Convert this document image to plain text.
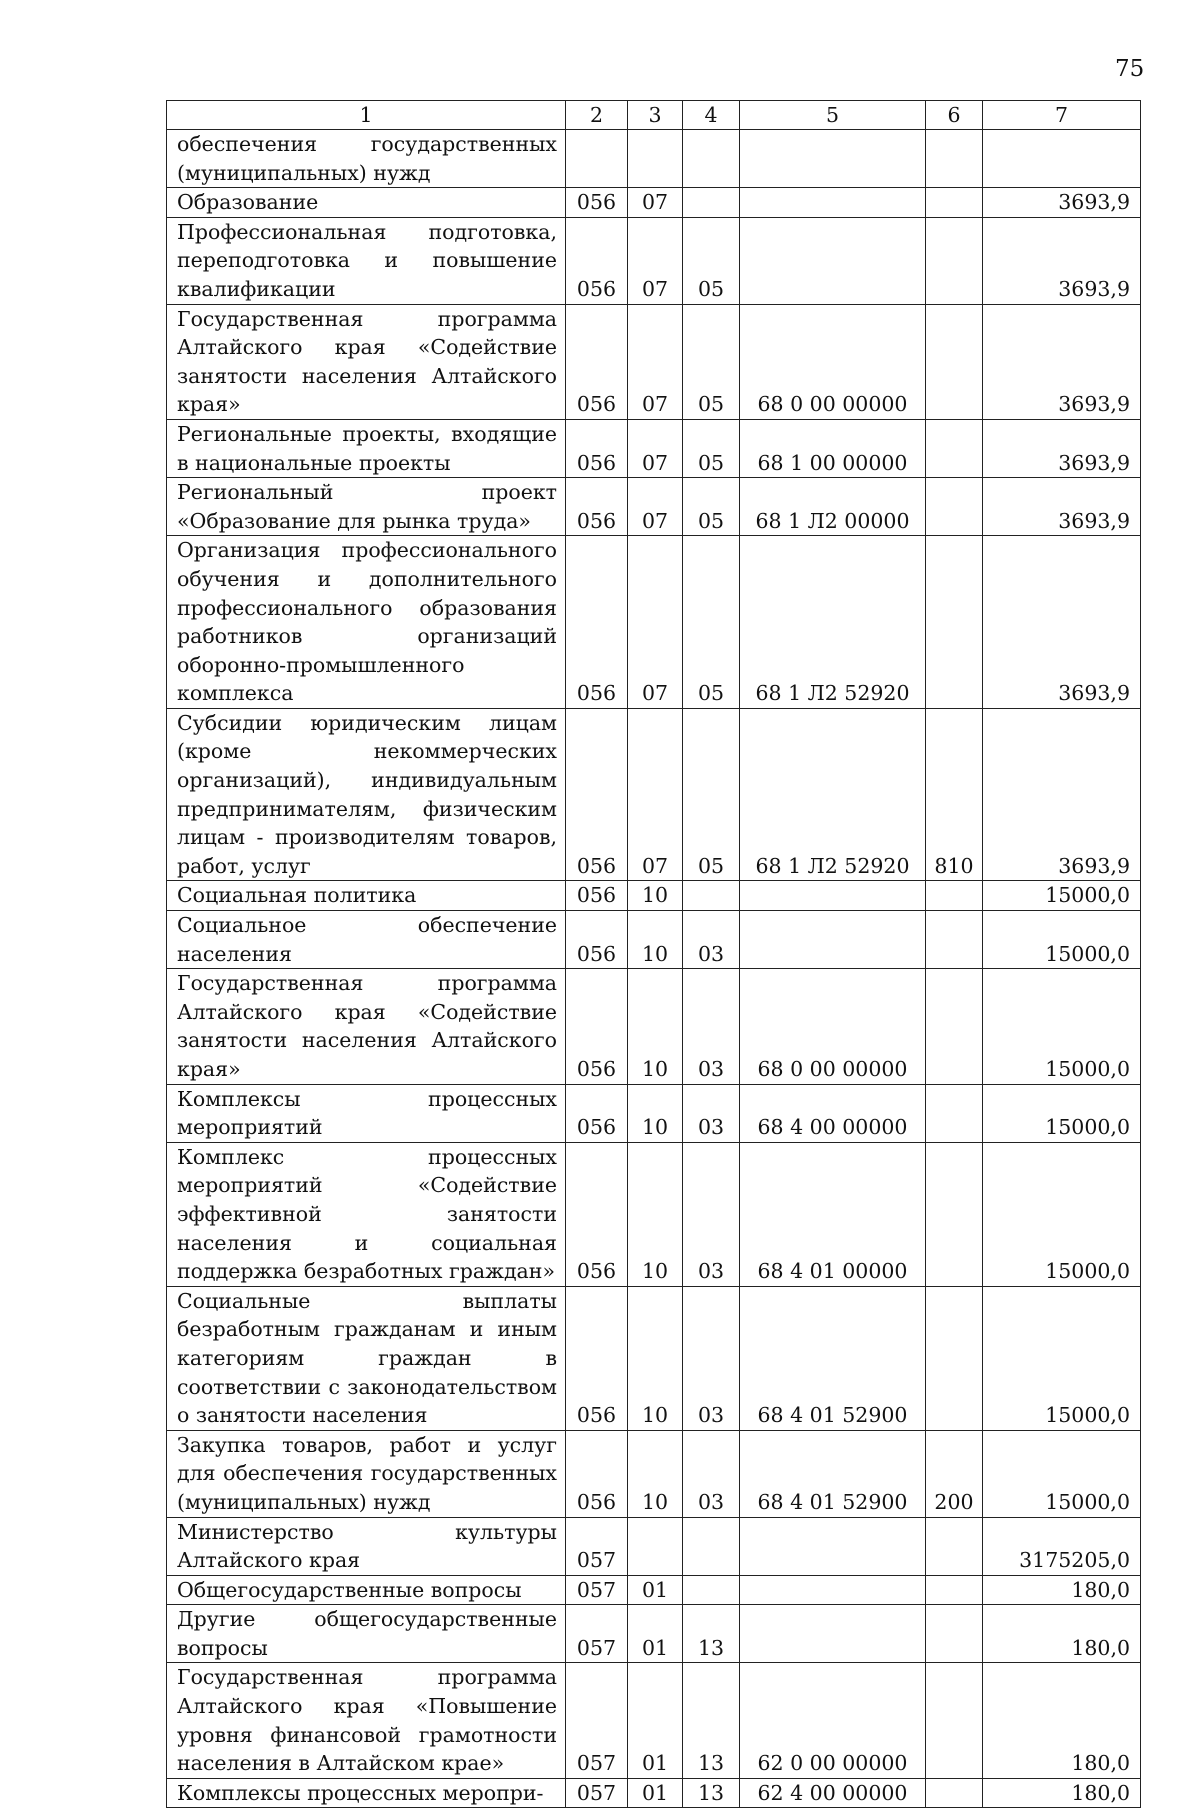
75
1	2	3	4	5	6	7
обеспечения государственных (муниципальных) нужд						
Образование	056	07				3693,9
Профессиональная подготовка, переподготовка и повышение квалификации	056	07	05			3693,9
Государственная программа Алтайского края «Содействие занятости населения Алтайского края»	056	07	05	68 0 00 00000		3693,9
Региональные проекты, входящие в национальные проекты	056	07	05	68 1 00 00000		3693,9
Региональный проект «Образование для рынка труда»	056	07	05	68 1 Л2 00000		3693,9
Организация профессионального обучения и дополнительного профессионального образования работников организаций оборонно-промышленного комплекса	056	07	05	68 1 Л2 52920		3693,9
Субсидии юридическим лицам (кроме некоммерческих организаций), индивидуальным предпринимателям, физическим лицам - производителям товаров, работ, услуг	056	07	05	68 1 Л2 52920	810	3693,9
Социальная политика	056	10				15000,0
Социальное обеспечение населения	056	10	03			15000,0
Государственная программа Алтайского края «Содействие занятости населения Алтайского края»	056	10	03	68 0 00 00000		15000,0
Комплексы процессных мероприятий	056	10	03	68 4 00 00000		15000,0
Комплекс процессных мероприятий «Содействие эффективной занятости населения и социальная поддержка безработных граждан»	056	10	03	68 4 01 00000		15000,0
Социальные выплаты безработным гражданам и иным категориям граждан в соответствии с законодательством о занятости населения	056	10	03	68 4 01 52900		15000,0
Закупка товаров, работ и услуг для обеспечения государственных (муниципальных) нужд	056	10	03	68 4 01 52900	200	15000,0
Министерство культуры Алтайского края	057					3175205,0
Общегосударственные вопросы	057	01				180,0
Другие общегосударственные вопросы	057	01	13			180,0
Государственная программа Алтайского края «Повышение уровня финансовой грамотности населения в Алтайском крае»	057	01	13	62 0 00 00000		180,0
Комплексы процессных меропри-	057	01	13	62 4 00 00000		180,0
